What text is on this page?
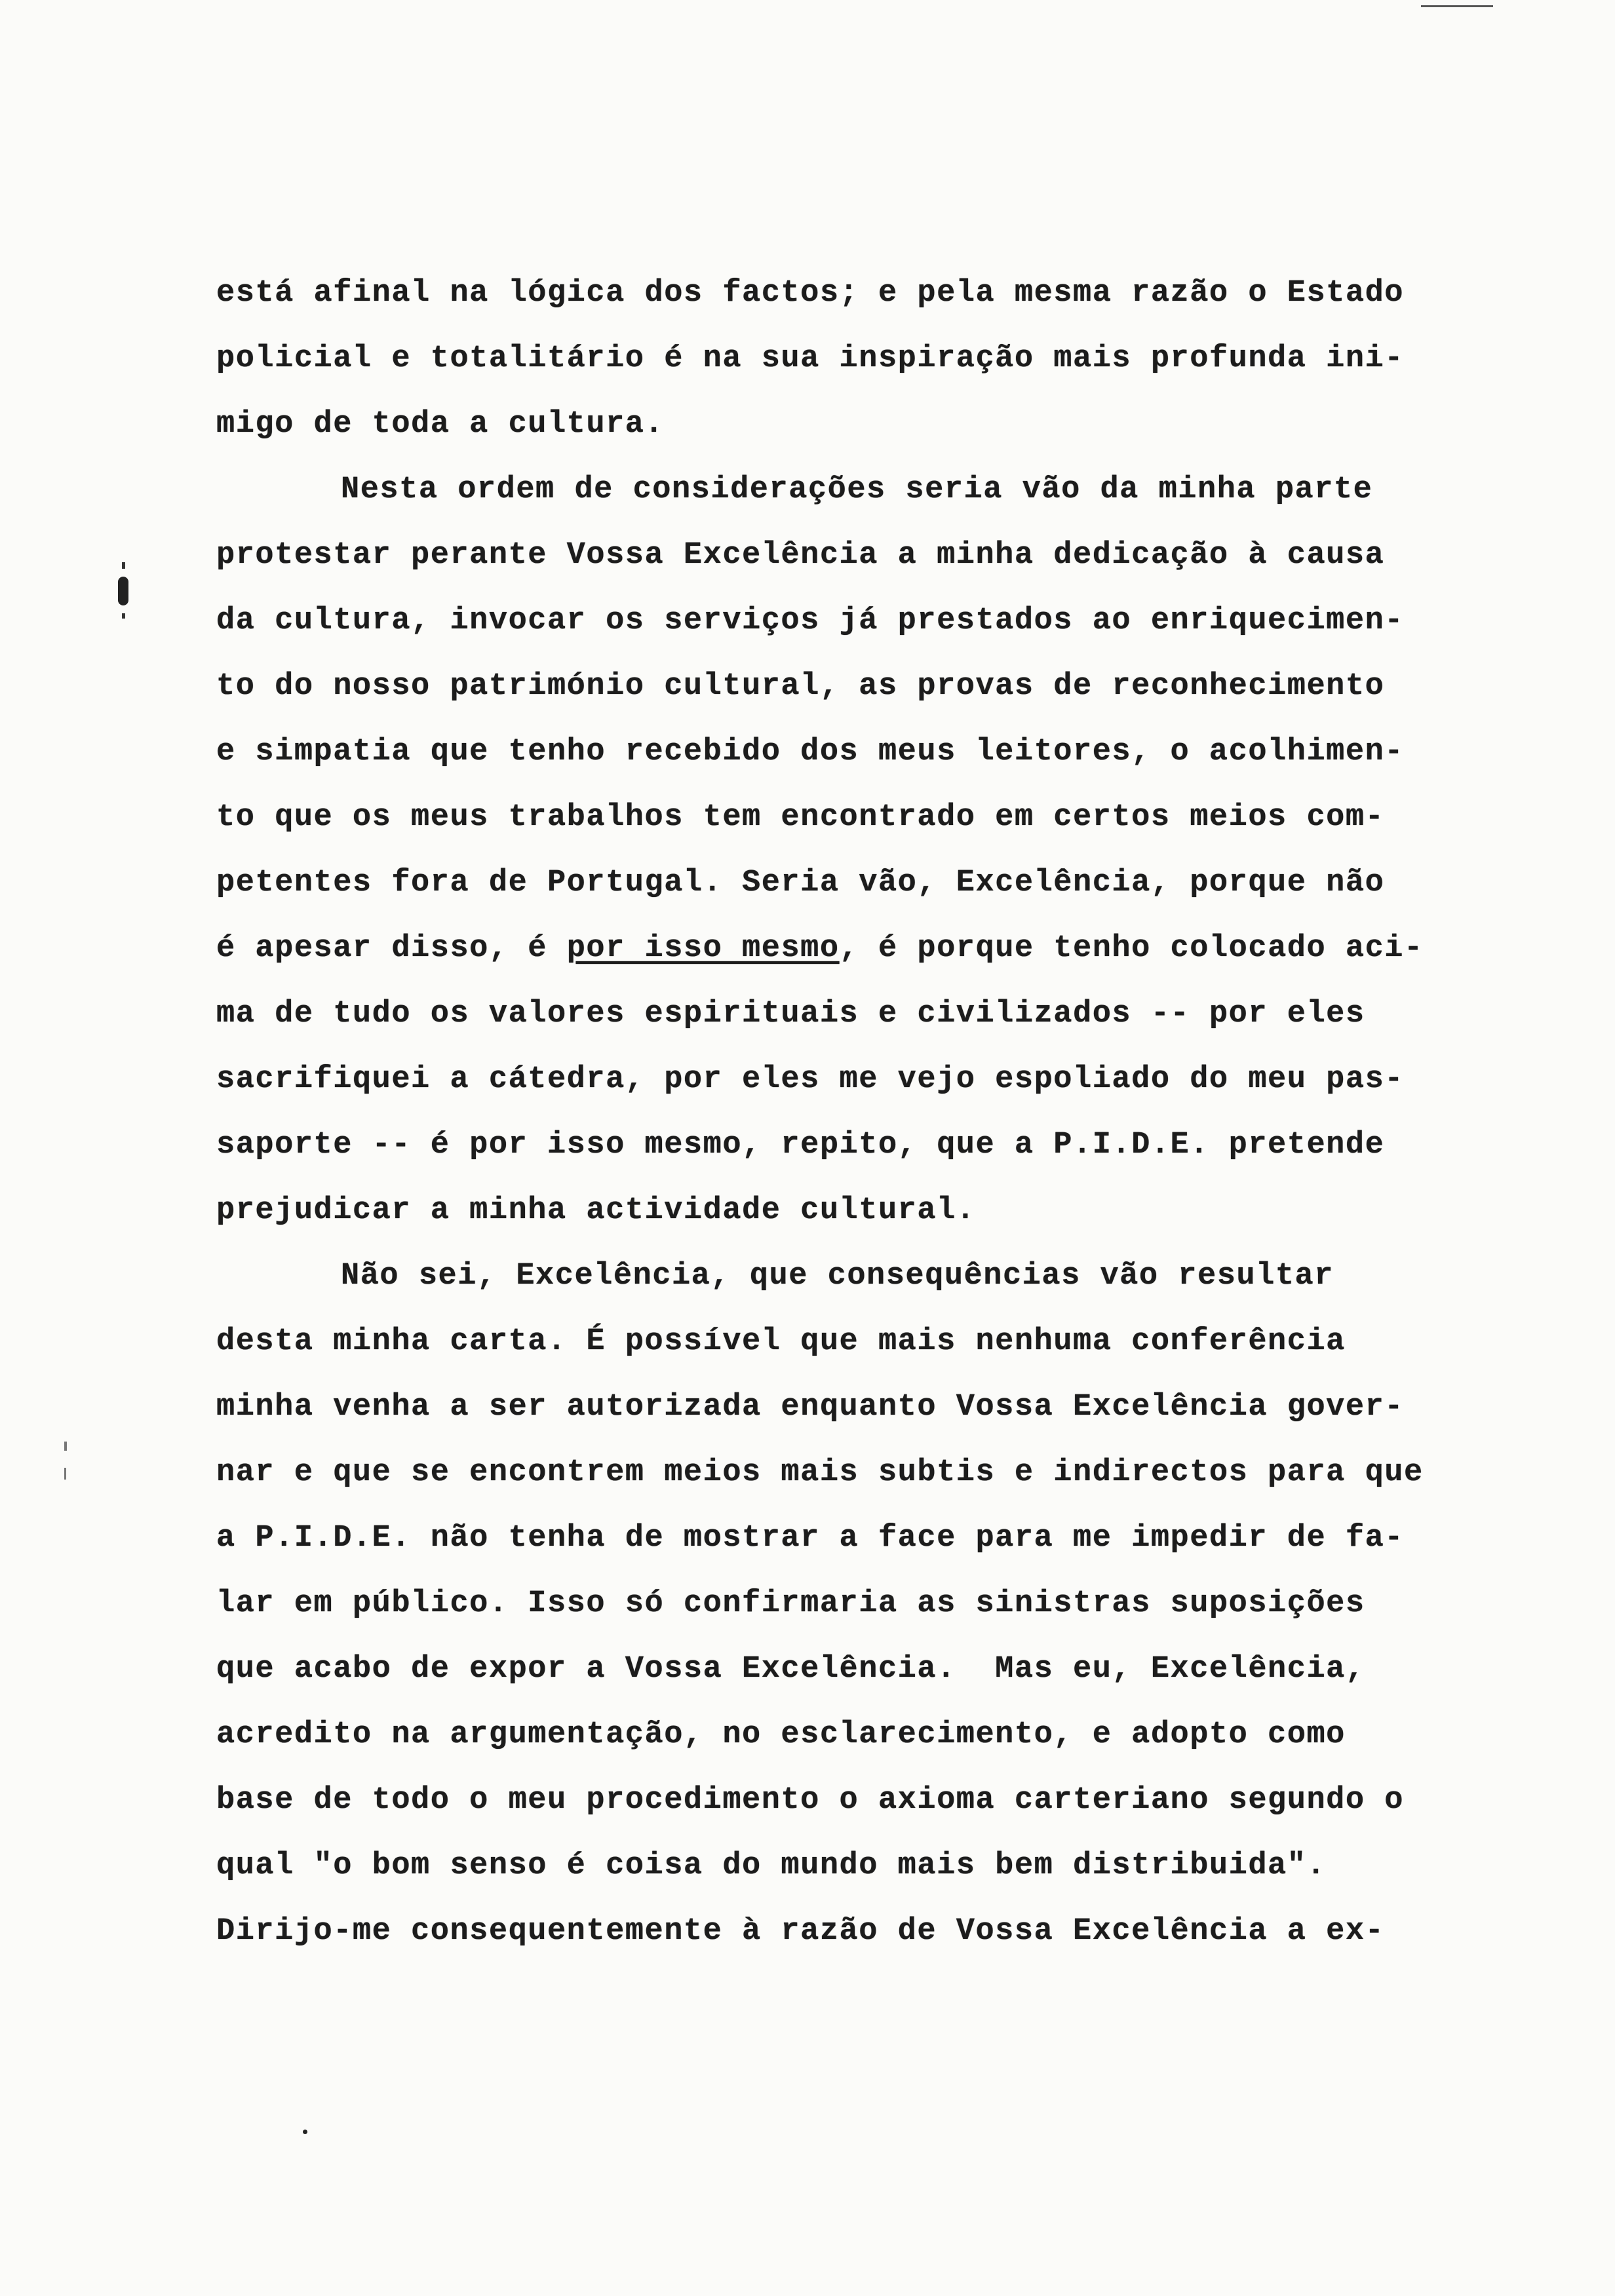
está afinal na lógica dos factos; e pela mesma razão o Estado
policial e totalitário é na sua inspiração mais profunda ini-
migo de toda a cultura.
Nesta ordem de considerações seria vão da minha parte
protestar perante Vossa Excelência a minha dedicação à causa
da cultura, invocar os serviços já prestados ao enriquecimen-
to do nosso património cultural, as provas de reconhecimento
e simpatia que tenho recebido dos meus leitores, o acolhimen-
to que os meus trabalhos tem encontrado em certos meios com-
petentes fora de Portugal. Seria vão, Excelência, porque não
é apesar disso, é por isso mesmo, é porque tenho colocado aci-
ma de tudo os valores espirituais e civilizados -- por eles
sacrifiquei a cátedra, por eles me vejo espoliado do meu pas-
saporte -- é por isso mesmo, repito, que a P.I.D.E. pretende
prejudicar a minha actividade cultural.
Não sei, Excelência, que consequências vão resultar
desta minha carta. É possível que mais nenhuma conferência
minha venha a ser autorizada enquanto Vossa Excelência gover-
nar e que se encontrem meios mais subtis e indirectos para que
a P.I.D.E. não tenha de mostrar a face para me impedir de fa-
lar em público. Isso só confirmaria as sinistras suposições
que acabo de expor a Vossa Excelência.  Mas eu, Excelência,
acredito na argumentação, no esclarecimento, e adopto como
base de todo o meu procedimento o axioma carteriano segundo o
qual "o bom senso é coisa do mundo mais bem distribuida".
Dirijo-me consequentemente à razão de Vossa Excelência a ex-
